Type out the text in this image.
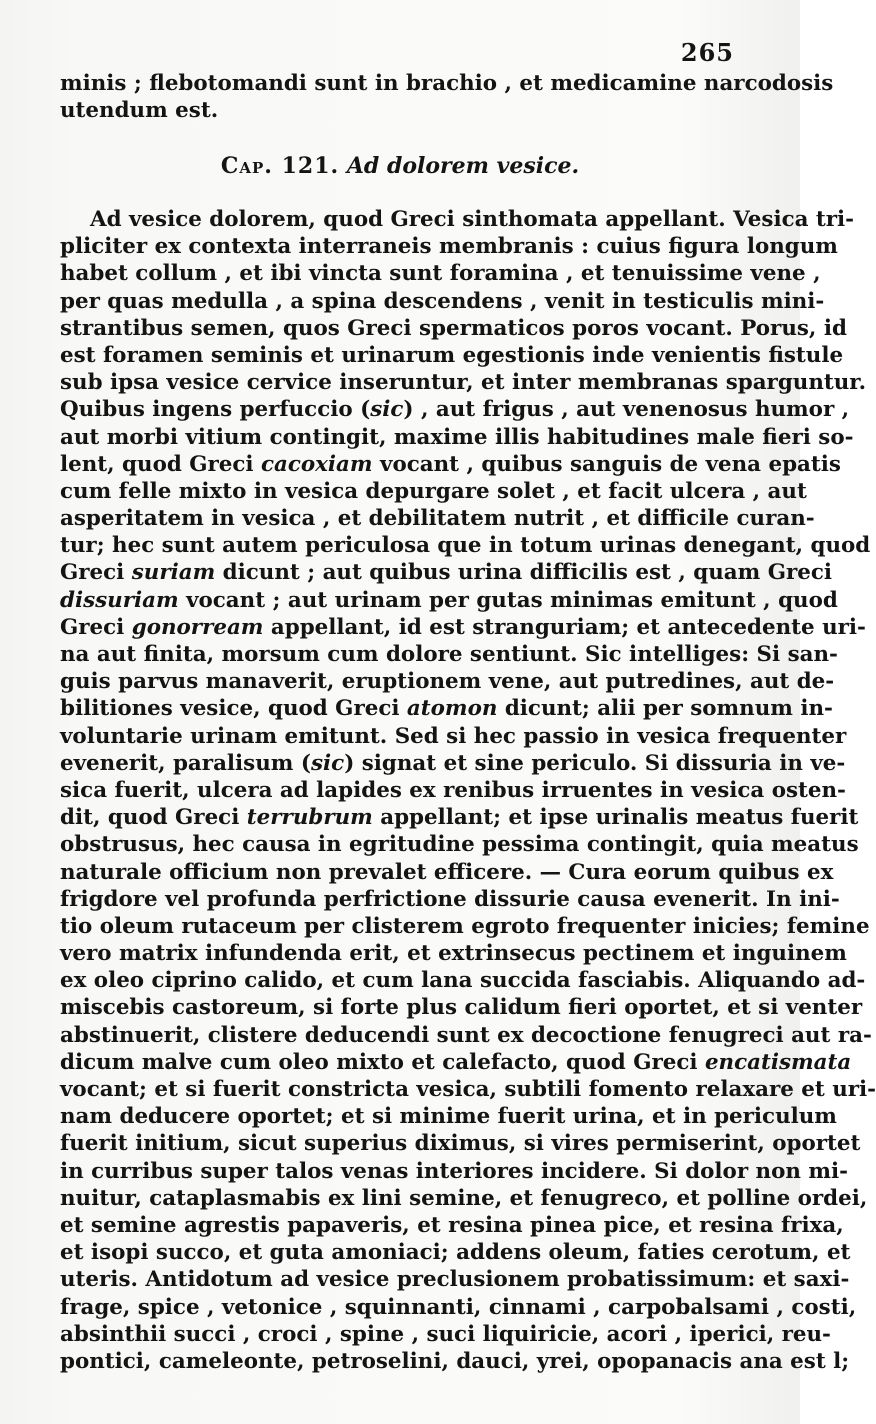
265
minis ; flebotomandi sunt in brachio , et medicamine narcodosis
utendum est.
Cap. 121. Ad dolorem vesice.
Ad vesice dolorem, quod Greci sinthomata appellant. Vesica tri-
pliciter ex contexta interraneis membranis : cuius figura longum
habet collum , et ibi vincta sunt foramina , et tenuissime vene ,
per quas medulla , a spina descendens , venit in testiculis mini-
strantibus semen, quos Greci spermaticos poros vocant. Porus, id
est foramen seminis et urinarum egestionis inde venientis fistule
sub ipsa vesice cervice inseruntur, et inter membranas sparguntur.
Quibus ingens perfuccio (sic) , aut frigus , aut venenosus humor ,
aut morbi vitium contingit, maxime illis habitudines male fieri so-
lent, quod Greci cacoxiam vocant , quibus sanguis de vena epatis
cum felle mixto in vesica depurgare solet , et facit ulcera , aut
asperitatem in vesica , et debilitatem nutrit , et difficile curan-
tur; hec sunt autem periculosa que in totum urinas denegant, quod
Greci suriam dicunt ; aut quibus urina difficilis est , quam Greci
dissuriam vocant ; aut urinam per gutas minimas emitunt , quod
Greci gonorream appellant, id est stranguriam; et antecedente uri-
na aut finita, morsum cum dolore sentiunt. Sic intelliges: Si san-
guis parvus manaverit, eruptionem vene, aut putredines, aut de-
bilitiones vesice, quod Greci atomon dicunt; alii per somnum in-
voluntarie urinam emitunt. Sed si hec passio in vesica frequenter
evenerit, paralisum (sic) signat et sine periculo. Si dissuria in ve-
sica fuerit, ulcera ad lapides ex renibus irruentes in vesica osten-
dit, quod Greci terrubrum appellant; et ipse urinalis meatus fuerit
obstrusus, hec causa in egritudine pessima contingit, quia meatus
naturale officium non prevalet efficere. — Cura eorum quibus ex
frigdore vel profunda perfrictione dissurie causa evenerit. In ini-
tio oleum rutaceum per clisterem egroto frequenter inicies; femine
vero matrix infundenda erit, et extrinsecus pectinem et inguinem
ex oleo ciprino calido, et cum lana succida fasciabis. Aliquando ad-
miscebis castoreum, si forte plus calidum fieri oportet, et si venter
abstinuerit, clistere deducendi sunt ex decoctione fenugreci aut ra-
dicum malve cum oleo mixto et calefacto, quod Greci encatismata
vocant; et si fuerit constricta vesica, subtili fomento relaxare et uri-
nam deducere oportet; et si minime fuerit urina, et in periculum
fuerit initium, sicut superius diximus, si vires permiserint, oportet
in curribus super talos venas interiores incidere. Si dolor non mi-
nuitur, cataplasmabis ex lini semine, et fenugreco, et polline ordei,
et semine agrestis papaveris, et resina pinea pice, et resina frixa,
et isopi succo, et guta amoniaci; addens oleum, faties cerotum, et
uteris. Antidotum ad vesice preclusionem probatissimum: et saxi-
frage, spice , vetonice , squinnanti, cinnami , carpobalsami , costi,
absinthii succi , croci , spine , suci liquiricie, acori , iperici, reu-
pontici, cameleonte, petroselini, dauci, yrei, opopanacis ana est l;
